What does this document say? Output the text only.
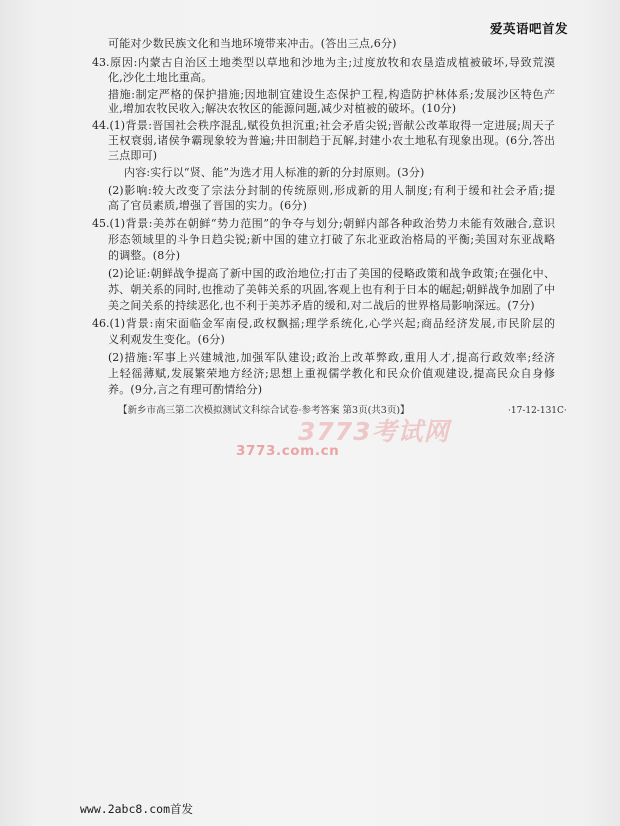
爱英语吧首发
可能对少数民族文化和当地环境带来冲击。(答出三点,6分)
43.原因:内蒙古自治区土地类型以草地和沙地为主;过度放牧和农垦造成植被破坏,导致荒漠
化,沙化土地比重高。
措施:制定严格的保护措施;因地制宜建设生态保护工程,构造防护林体系;发展沙区特色产
业,增加农牧民收入;解决农牧区的能源问题,减少对植被的破坏。(10分)
44.(1)背景:晋国社会秩序混乱,赋役负担沉重;社会矛盾尖锐;晋献公改革取得一定进展;周天子
王权衰弱,诸侯争霸现象较为普遍;井田制趋于瓦解,封建小农土地私有现象出现。(6分,答出
三点即可)
内容:实行以“贤、能”为选才用人标准的新的分封原则。(3分)
(2)影响:较大改变了宗法分封制的传统原则,形成新的用人制度;有利于缓和社会矛盾;提
高了官员素质,增强了晋国的实力。(6分)
45.(1)背景:美苏在朝鲜“势力范围”的争夺与划分;朝鲜内部各种政治势力未能有效融合,意识
形态领域里的斗争日趋尖锐;新中国的建立打破了东北亚政治格局的平衡;美国对东亚战略
的调整。(8分)
(2)论证:朝鲜战争提高了新中国的政治地位;打击了美国的侵略政策和战争政策;在强化中、
苏、朝关系的同时,也推动了美韩关系的巩固,客观上也有利于日本的崛起;朝鲜战争加剧了中
美之间关系的持续恶化,也不利于美苏矛盾的缓和,对二战后的世界格局影响深远。(7分)
46.(1)背景:南宋面临金军南侵,政权飘摇;理学系统化,心学兴起;商品经济发展,市民阶层的
义利观发生变化。(6分)
(2)措施:军事上兴建城池,加强军队建设;政治上改革弊政,重用人才,提高行政效率;经济
上轻徭薄赋,发展繁荣地方经济;思想上重视儒学教化和民众价值观建设,提高民众自身修
养。(9分,言之有理可酌情给分)
【新乡市高三第二次模拟测试文科综合试卷·参考答案 第3页(共3页)】	·17-12-131C·
3773考试网
3773.com.cn
www.2abc8.com首发
